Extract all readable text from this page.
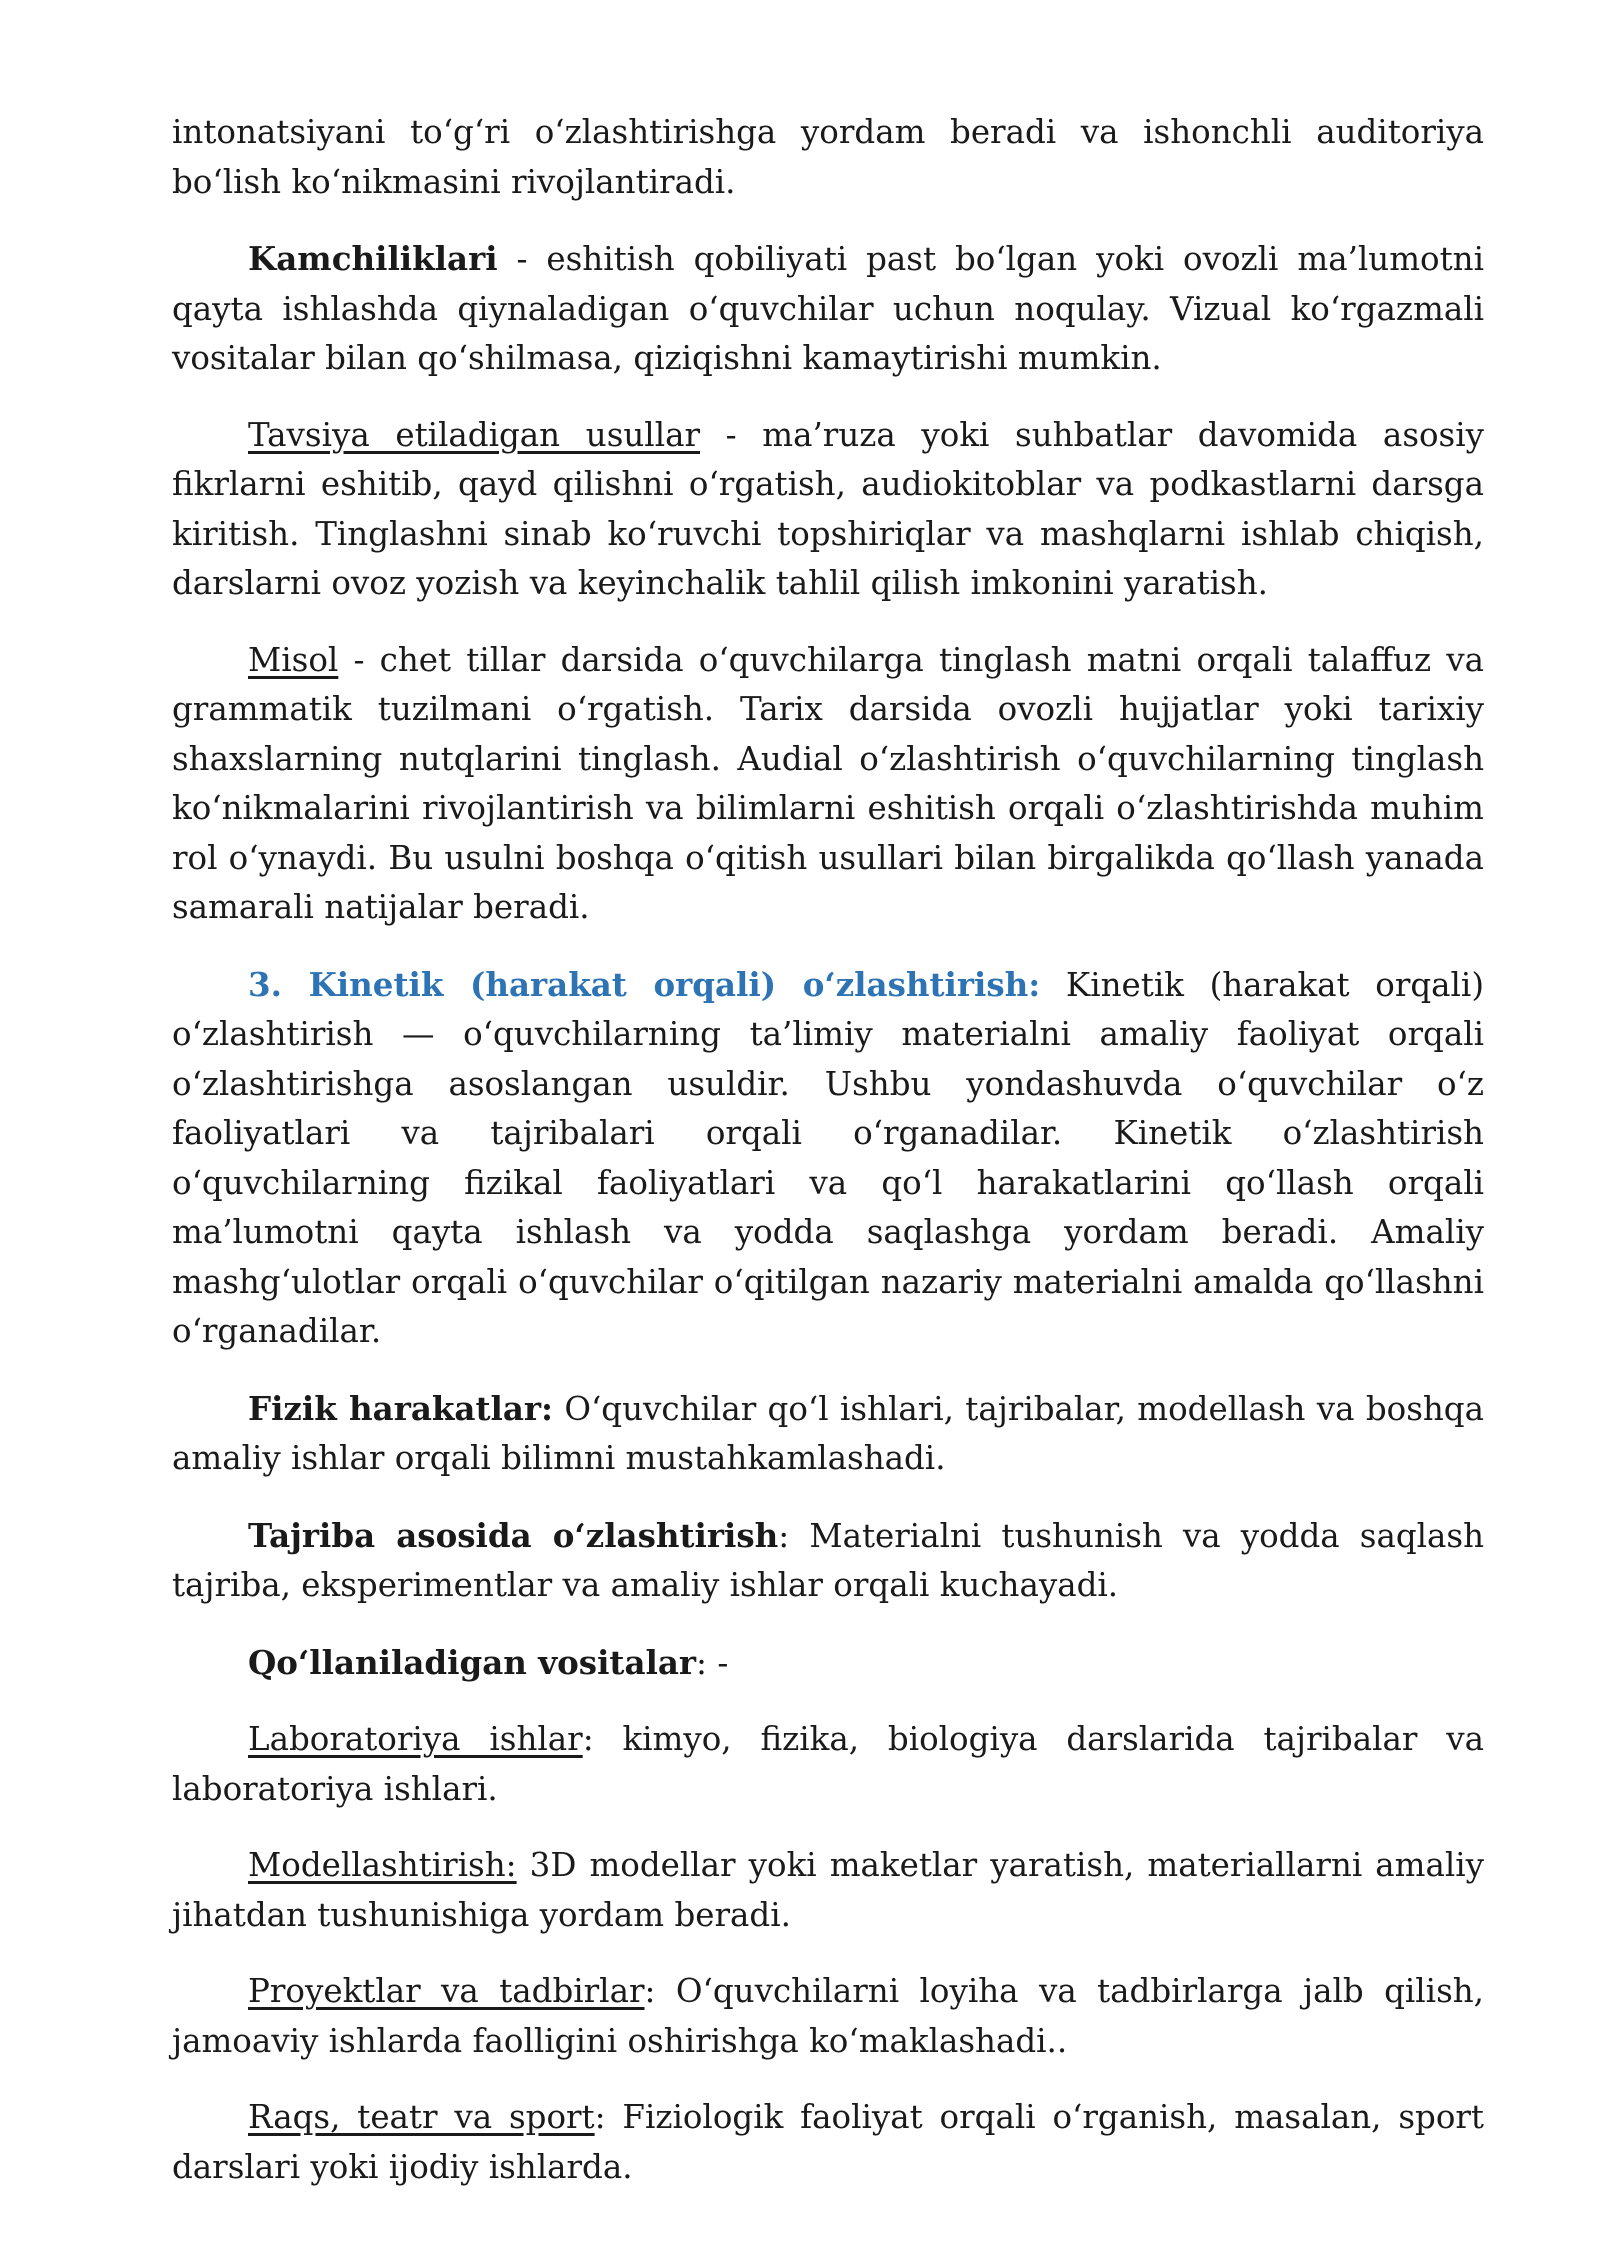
intonatsiyani to‘g‘ri o‘zlashtirishga yordam beradi va ishonchli auditoriya bo‘lish ko‘nikmasini rivojlantiradi.

Kamchiliklari - eshitish qobiliyati past bo‘lgan yoki ovozli ma’lumotni qayta ishlashda qiynaladigan o‘quvchilar uchun noqulay. Vizual ko‘rgazmali vositalar bilan qo‘shilmasa, qiziqishni kamaytirishi mumkin.

Tavsiya etiladigan usullar - ma’ruza yoki suhbatlar davomida asosiy fikrlarni eshitib, qayd qilishni o‘rgatish, audiokitoblar va podkastlarni darsga kiritish. Tinglashni sinab ko‘ruvchi topshiriqlar va mashqlarni ishlab chiqish, darslarni ovoz yozish va keyinchalik tahlil qilish imkonini yaratish.

Misol - chet tillar darsida o‘quvchilarga tinglash matni orqali talaffuz va grammatik tuzilmani o‘rgatish. Tarix darsida ovozli hujjatlar yoki tarixiy shaxslarning nutqlarini tinglash. Audial o‘zlashtirish o‘quvchilarning tinglash ko‘nikmalarini rivojlantirish va bilimlarni eshitish orqali o‘zlashtirishda muhim rol o‘ynaydi. Bu usulni boshqa o‘qitish usullari bilan birgalikda qo‘llash yanada samarali natijalar beradi.

3. Kinetik (harakat orqali) o‘zlashtirish: Kinetik (harakat orqali) o‘zlashtirish — o‘quvchilarning ta’limiy materialni amaliy faoliyat orqali o‘zlashtirishga asoslangan usuldir. Ushbu yondashuvda o‘quvchilar o‘z faoliyatlari va tajribalari orqali o‘rganadilar. Kinetik o‘zlashtirish o‘quvchilarning fizikal faoliyatlari va qo‘l harakatlarini qo‘llash orqali ma’lumotni qayta ishlash va yodda saqlashga yordam beradi. Amaliy mashg‘ulotlar orqali o‘quvchilar o‘qitilgan nazariy materialni amalda qo‘llashni o‘rganadilar.

Fizik harakatlar: O‘quvchilar qo‘l ishlari, tajribalar, modellash va boshqa amaliy ishlar orqali bilimni mustahkamlashadi.

Tajriba asosida o‘zlashtirish: Materialni tushunish va yodda saqlash tajriba, eksperimentlar va amaliy ishlar orqali kuchayadi.

Qo‘llaniladigan vositalar: -

Laboratoriya ishlar: kimyo, fizika, biologiya darslarida tajribalar va laboratoriya ishlari.

Modellashtirish: 3D modellar yoki maketlar yaratish, materiallarni amaliy jihatdan tushunishiga yordam beradi.

Proyektlar va tadbirlar: O‘quvchilarni loyiha va tadbirlarga jalb qilish, jamoaviy ishlarda faolligini oshirishga ko‘maklashadi..

Raqs, teatr va sport: Fiziologik faoliyat orqali o‘rganish, masalan, sport darslari yoki ijodiy ishlarda.
